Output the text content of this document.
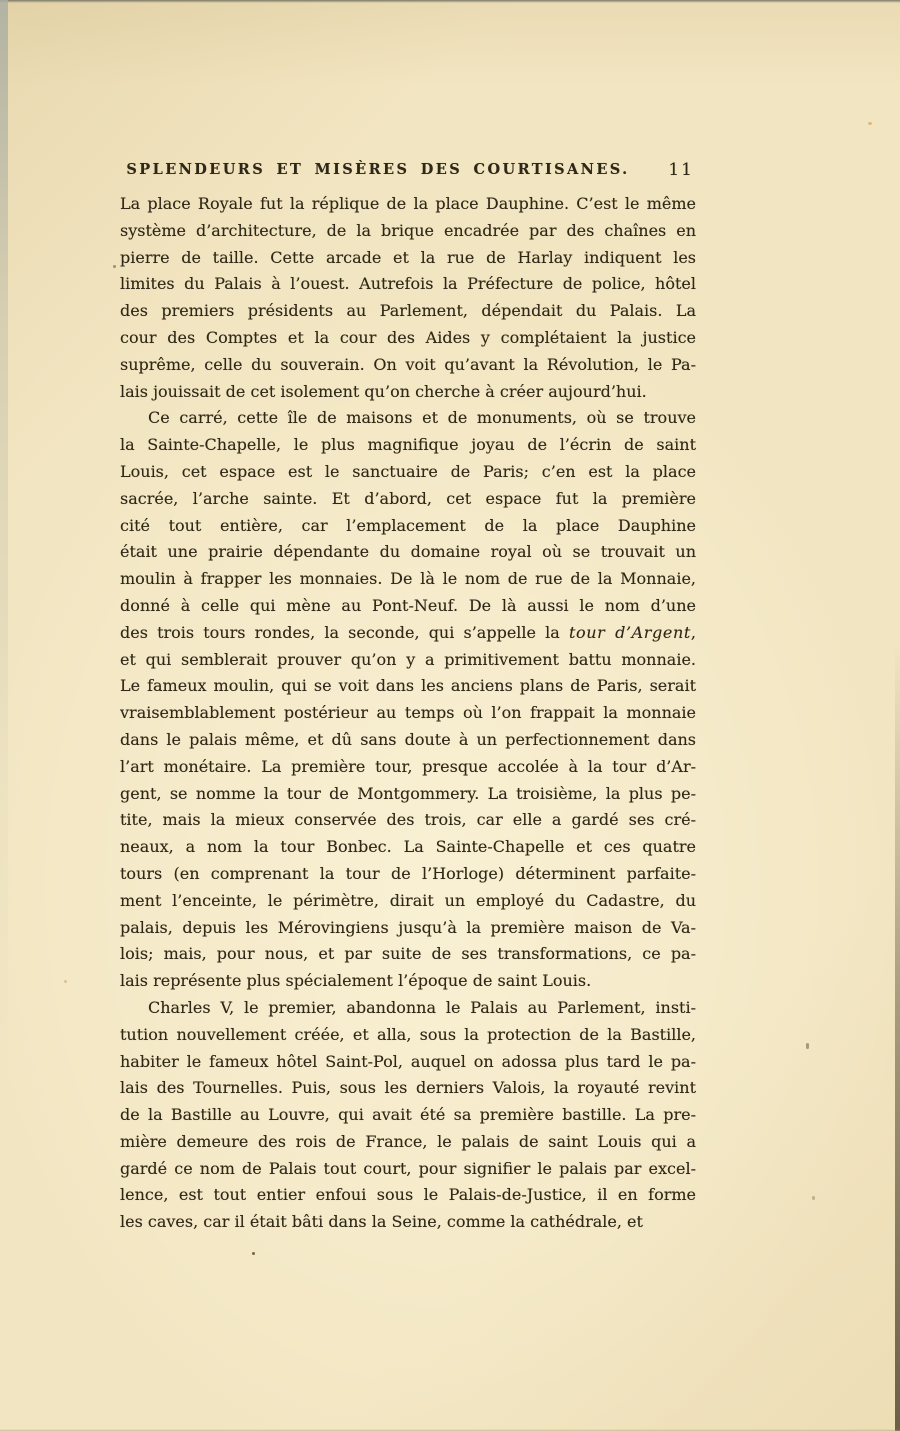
SPLENDEURS ET MISÈRES DES COURTISANES.	11
La place Royale fut la réplique de la place Dauphine. C’est le même
système d’architecture, de la brique encadrée par des chaînes en
pierre de taille. Cette arcade et la rue de Harlay indiquent les
limites du Palais à l’ouest. Autrefois la Préfecture de police, hôtel
des premiers présidents au Parlement, dépendait du Palais. La
cour des Comptes et la cour des Aides y complétaient la justice
suprême, celle du souverain. On voit qu’avant la Révolution, le Pa-
lais jouissait de cet isolement qu’on cherche à créer aujourd’hui.
Ce carré, cette île de maisons et de monuments, où se trouve
la Sainte-Chapelle, le plus magnifique joyau de l’écrin de saint
Louis, cet espace est le sanctuaire de Paris; c’en est la place
sacrée, l’arche sainte. Et d’abord, cet espace fut la première
cité tout entière, car l’emplacement de la place Dauphine
était une prairie dépendante du domaine royal où se trouvait un
moulin à frapper les monnaies. De là le nom de rue de la Monnaie,
donné à celle qui mène au Pont-Neuf. De là aussi le nom d’une
des trois tours rondes, la seconde, qui s’appelle la tour d’Argent,
et qui semblerait prouver qu’on y a primitivement battu monnaie.
Le fameux moulin, qui se voit dans les anciens plans de Paris, serait
vraisemblablement postérieur au temps où l’on frappait la monnaie
dans le palais même, et dû sans doute à un perfectionnement dans
l’art monétaire. La première tour, presque accolée à la tour d’Ar-
gent, se nomme la tour de Montgommery. La troisième, la plus pe-
tite, mais la mieux conservée des trois, car elle a gardé ses cré-
neaux, a nom la tour Bonbec. La Sainte-Chapelle et ces quatre
tours (en comprenant la tour de l’Horloge) déterminent parfaite-
ment l’enceinte, le périmètre, dirait un employé du Cadastre, du
palais, depuis les Mérovingiens jusqu’à la première maison de Va-
lois; mais, pour nous, et par suite de ses transformations, ce pa-
lais représente plus spécialement l’époque de saint Louis.
Charles V, le premier, abandonna le Palais au Parlement, insti-
tution nouvellement créée, et alla, sous la protection de la Bastille,
habiter le fameux hôtel Saint-Pol, auquel on adossa plus tard le pa-
lais des Tournelles. Puis, sous les derniers Valois, la royauté revint
de la Bastille au Louvre, qui avait été sa première bastille. La pre-
mière demeure des rois de France, le palais de saint Louis qui a
gardé ce nom de Palais tout court, pour signifier le palais par excel-
lence, est tout entier enfoui sous le Palais-de-Justice, il en forme
les caves, car il était bâti dans la Seine, comme la cathédrale, et
